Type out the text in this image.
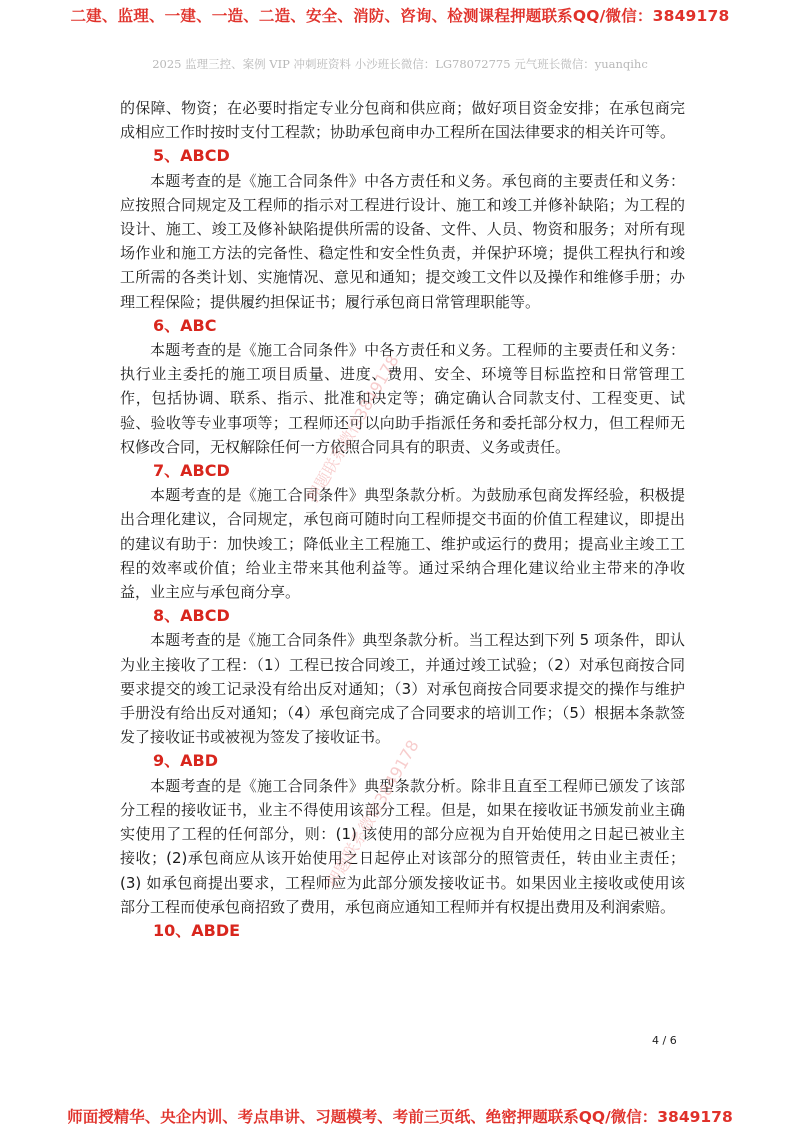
二建、监理、一建、一造、二造、安全、消防、咨询、检测课程押题联系QQ/微信：3849178
2025 监理三控、案例 VIP 冲刺班资料 小沙班长微信：LG78072775 元气班长微信：yuanqihc

的保障、物资；在必要时指定专业分包商和供应商；做好项目资金安排；在承包商完成相应工作时按时支付工程款；协助承包商申办工程所在国法律要求的相关许可等。

5、ABCD

本题考查的是《施工合同条件》中各方责任和义务。承包商的主要责任和义务：应按照合同规定及工程师的指示对工程进行设计、施工和竣工并修补缺陷；为工程的设计、施工、竣工及修补缺陷提供所需的设备、文件、人员、物资和服务；对所有现场作业和施工方法的完备性、稳定性和安全性负责，并保护环境；提供工程执行和竣工所需的各类计划、实施情况、意见和通知；提交竣工文件以及操作和维修手册；办理工程保险；提供履约担保证书；履行承包商日常管理职能等。

6、ABC

本题考查的是《施工合同条件》中各方责任和义务。工程师的主要责任和义务：执行业主委托的施工项目质量、进度、费用、安全、环境等目标监控和日常管理工作，包括协调、联系、指示、批准和决定等；确定确认合同款支付、工程变更、试验、验收等专业事项等；工程师还可以向助手指派任务和委托部分权力，但工程师无权修改合同，无权解除任何一方依照合同具有的职责、义务或责任。

7、ABCD

本题考查的是《施工合同条件》典型条款分析。为鼓励承包商发挥经验，积极提出合理化建议，合同规定，承包商可随时向工程师提交书面的价值工程建议，即提出的建议有助于：加快竣工；降低业主工程施工、维护或运行的费用；提高业主竣工工程的效率或价值；给业主带来其他利益等。通过采纳合理化建议给业主带来的净收益，业主应与承包商分享。

8、ABCD

本题考查的是《施工合同条件》典型条款分析。当工程达到下列 5 项条件，即认为业主接收了工程：（1）工程已按合同竣工，并通过竣工试验；（2）对承包商按合同要求提交的竣工记录没有给出反对通知；（3）对承包商按合同要求提交的操作与维护手册没有给出反对通知；（4）承包商完成了合同要求的培训工作；（5）根据本条款签发了接收证书或被视为签发了接收证书。

9、ABD

本题考查的是《施工合同条件》典型条款分析。除非且直至工程师已颁发了该部分工程的接收证书，业主不得使用该部分工程。但是，如果在接收证书颁发前业主确实使用了工程的任何部分，则：(1) 该使用的部分应视为自开始使用之日起已被业主接收；(2)承包商应从该开始使用之日起停止对该部分的照管责任，转由业主责任；(3) 如承包商提出要求，工程师应为此部分颁发接收证书。如果因业主接收或使用该部分工程而使承包商招致了费用，承包商应通知工程师并有权提出费用及利润索赔。

10、ABDE
押题联系微信3849178
押题联系微信3849178
4 / 6
师面授精华、央企内训、考点串讲、习题模考、考前三页纸、绝密押题联系QQ/微信：3849178
